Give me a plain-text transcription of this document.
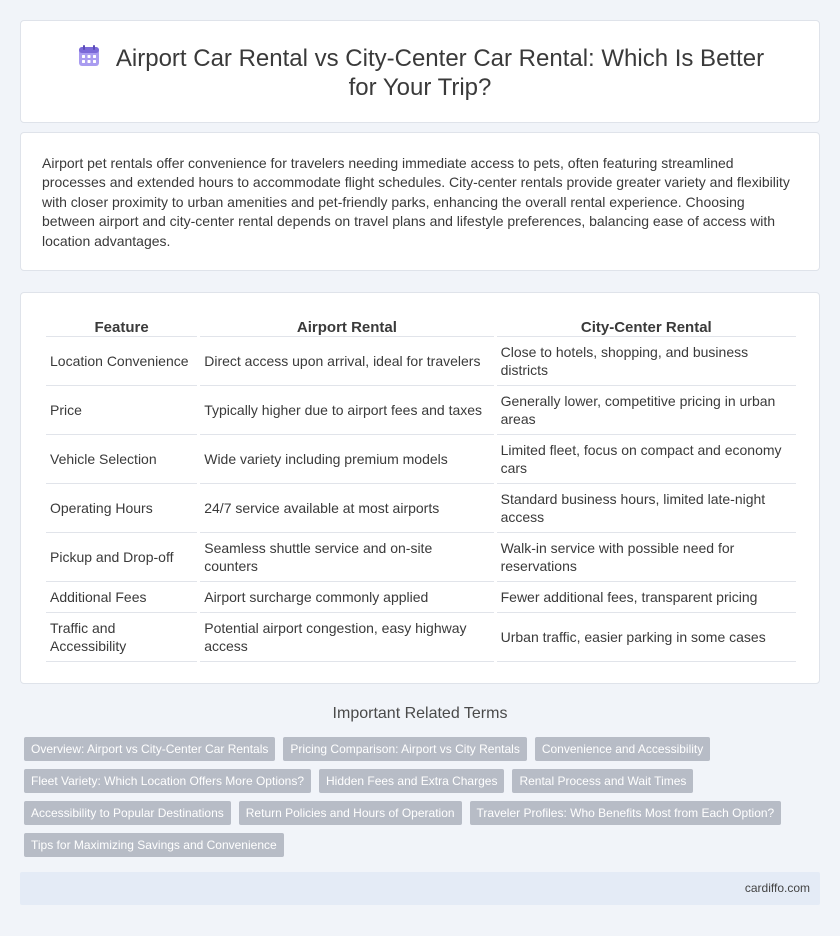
Airport Car Rental vs City-Center Car Rental: Which Is Better for Your Trip?

Airport pet rentals offer convenience for travelers needing immediate access to pets, often featuring streamlined processes and extended hours to accommodate flight schedules. City-center rentals provide greater variety and flexibility with closer proximity to urban amenities and pet-friendly parks, enhancing the overall rental experience. Choosing between airport and city-center rental depends on travel plans and lifestyle preferences, balancing ease of access with location advantages.

Feature	Airport Rental	City-Center Rental
Location Convenience	Direct access upon arrival, ideal for travelers	Close to hotels, shopping, and business districts
Price	Typically higher due to airport fees and taxes	Generally lower, competitive pricing in urban areas
Vehicle Selection	Wide variety including premium models	Limited fleet, focus on compact and economy cars
Operating Hours	24/7 service available at most airports	Standard business hours, limited late-night access
Pickup and Drop-off	Seamless shuttle service and on-site counters	Walk-in service with possible need for reservations
Additional Fees	Airport surcharge commonly applied	Fewer additional fees, transparent pricing
Traffic and Accessibility	Potential airport congestion, easy highway access	Urban traffic, easier parking in some cases
Important Related Terms
Overview: Airport vs City-Center Car Rentals	Pricing Comparison: Airport vs City Rentals	Convenience and Accessibility
Fleet Variety: Which Location Offers More Options?	Hidden Fees and Extra Charges	Rental Process and Wait Times
Accessibility to Popular Destinations	Return Policies and Hours of Operation	Traveler Profiles: Who Benefits Most from Each Option?
Tips for Maximizing Savings and Convenience
cardiffo.com
